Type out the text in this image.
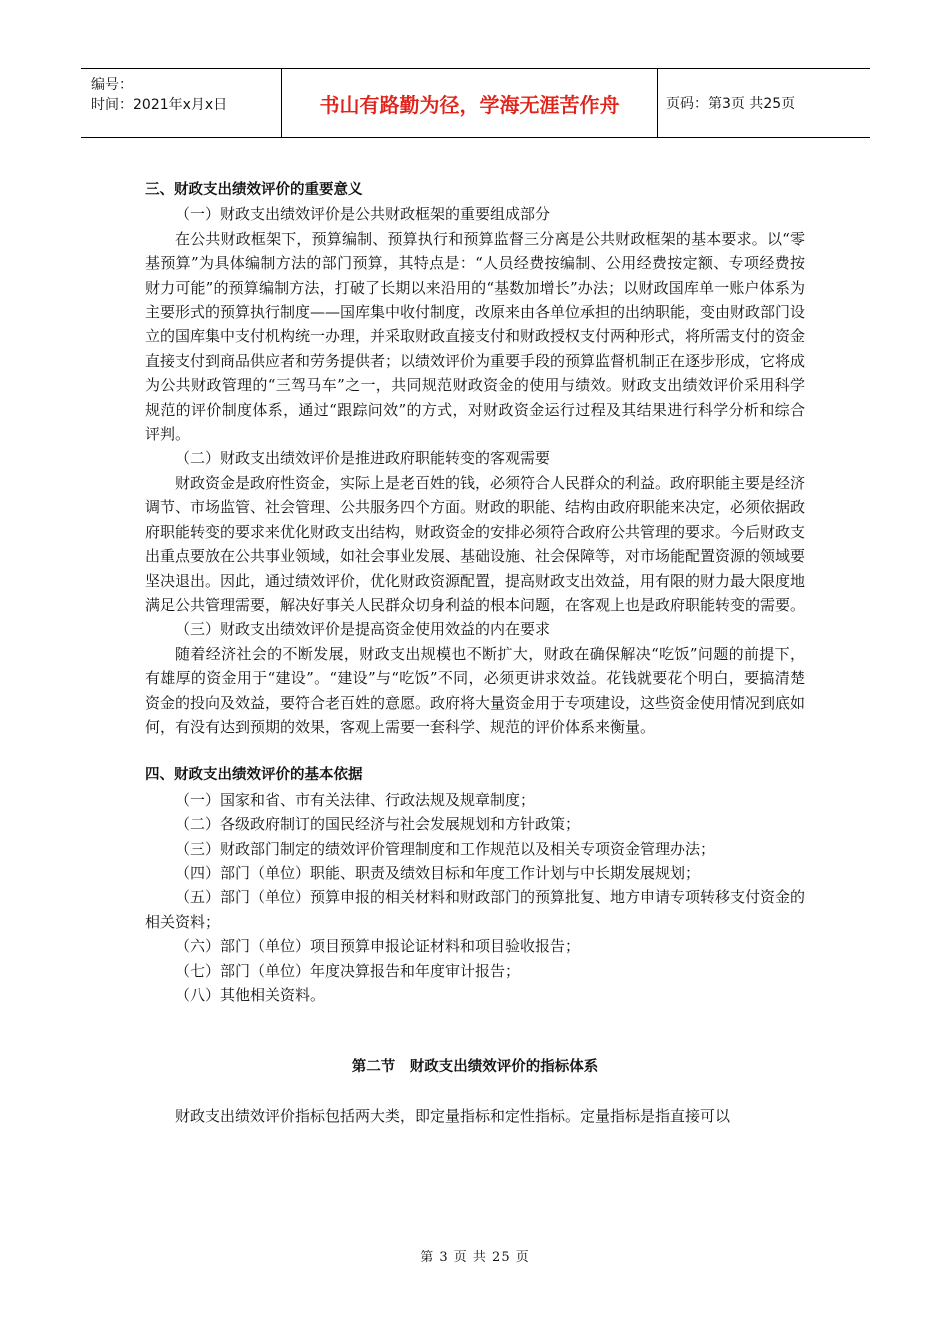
编号：
时间：2021年x月x日	书山有路勤为径，学海无涯苦作舟	页码：第3页 共25页

三、财政支出绩效评价的重要意义

（一）财政支出绩效评价是公共财政框架的重要组成部分

在公共财政框架下，预算编制、预算执行和预算监督三分离是公共财政框架的基本要求。以“零基预算”为具体编制方法的部门预算，其特点是：“人员经费按编制、公用经费按定额、专项经费按财力可能”的预算编制方法，打破了长期以来沿用的“基数加增长”办法；以财政国库单一账户体系为主要形式的预算执行制度——国库集中收付制度，改原来由各单位承担的出纳职能，变由财政部门设立的国库集中支付机构统一办理，并采取财政直接支付和财政授权支付两种形式，将所需支付的资金直接支付到商品供应者和劳务提供者；以绩效评价为重要手段的预算监督机制正在逐步形成，它将成为公共财政管理的“三驾马车”之一，共同规范财政资金的使用与绩效。财政支出绩效评价采用科学规范的评价制度体系，通过“跟踪问效”的方式，对财政资金运行过程及其结果进行科学分析和综合评判。

（二）财政支出绩效评价是推进政府职能转变的客观需要

财政资金是政府性资金，实际上是老百姓的钱，必须符合人民群众的利益。政府职能主要是经济调节、市场监管、社会管理、公共服务四个方面。财政的职能、结构由政府职能来决定，必须依据政府职能转变的要求来优化财政支出结构，财政资金的安排必须符合政府公共管理的要求。今后财政支出重点要放在公共事业领域，如社会事业发展、基础设施、社会保障等，对市场能配置资源的领域要坚决退出。因此，通过绩效评价，优化财政资源配置，提高财政支出效益，用有限的财力最大限度地满足公共管理需要，解决好事关人民群众切身利益的根本问题，在客观上也是政府职能转变的需要。

（三）财政支出绩效评价是提高资金使用效益的内在要求

随着经济社会的不断发展，财政支出规模也不断扩大，财政在确保解决“吃饭”问题的前提下，有雄厚的资金用于“建设”。“建设”与“吃饭”不同，必须更讲求效益。花钱就要花个明白，要搞清楚资金的投向及效益，要符合老百姓的意愿。政府将大量资金用于专项建设，这些资金使用情况到底如何，有没有达到预期的效果，客观上需要一套科学、规范的评价体系来衡量。

四、财政支出绩效评价的基本依据

（一）国家和省、市有关法律、行政法规及规章制度；

（二）各级政府制订的国民经济与社会发展规划和方针政策；

（三）财政部门制定的绩效评价管理制度和工作规范以及相关专项资金管理办法；

（四）部门（单位）职能、职责及绩效目标和年度工作计划与中长期发展规划；

（五）部门（单位）预算申报的相关材料和财政部门的预算批复、地方申请专项转移支付资金的相关资料；

（六）部门（单位）项目预算申报论证材料和项目验收报告；

（七）部门（单位）年度决算报告和年度审计报告；

（八）其他相关资料。

第二节　财政支出绩效评价的指标体系

财政支出绩效评价指标包括两大类，即定量指标和定性指标。定量指标是指直接可以

第 3 页 共 25 页
